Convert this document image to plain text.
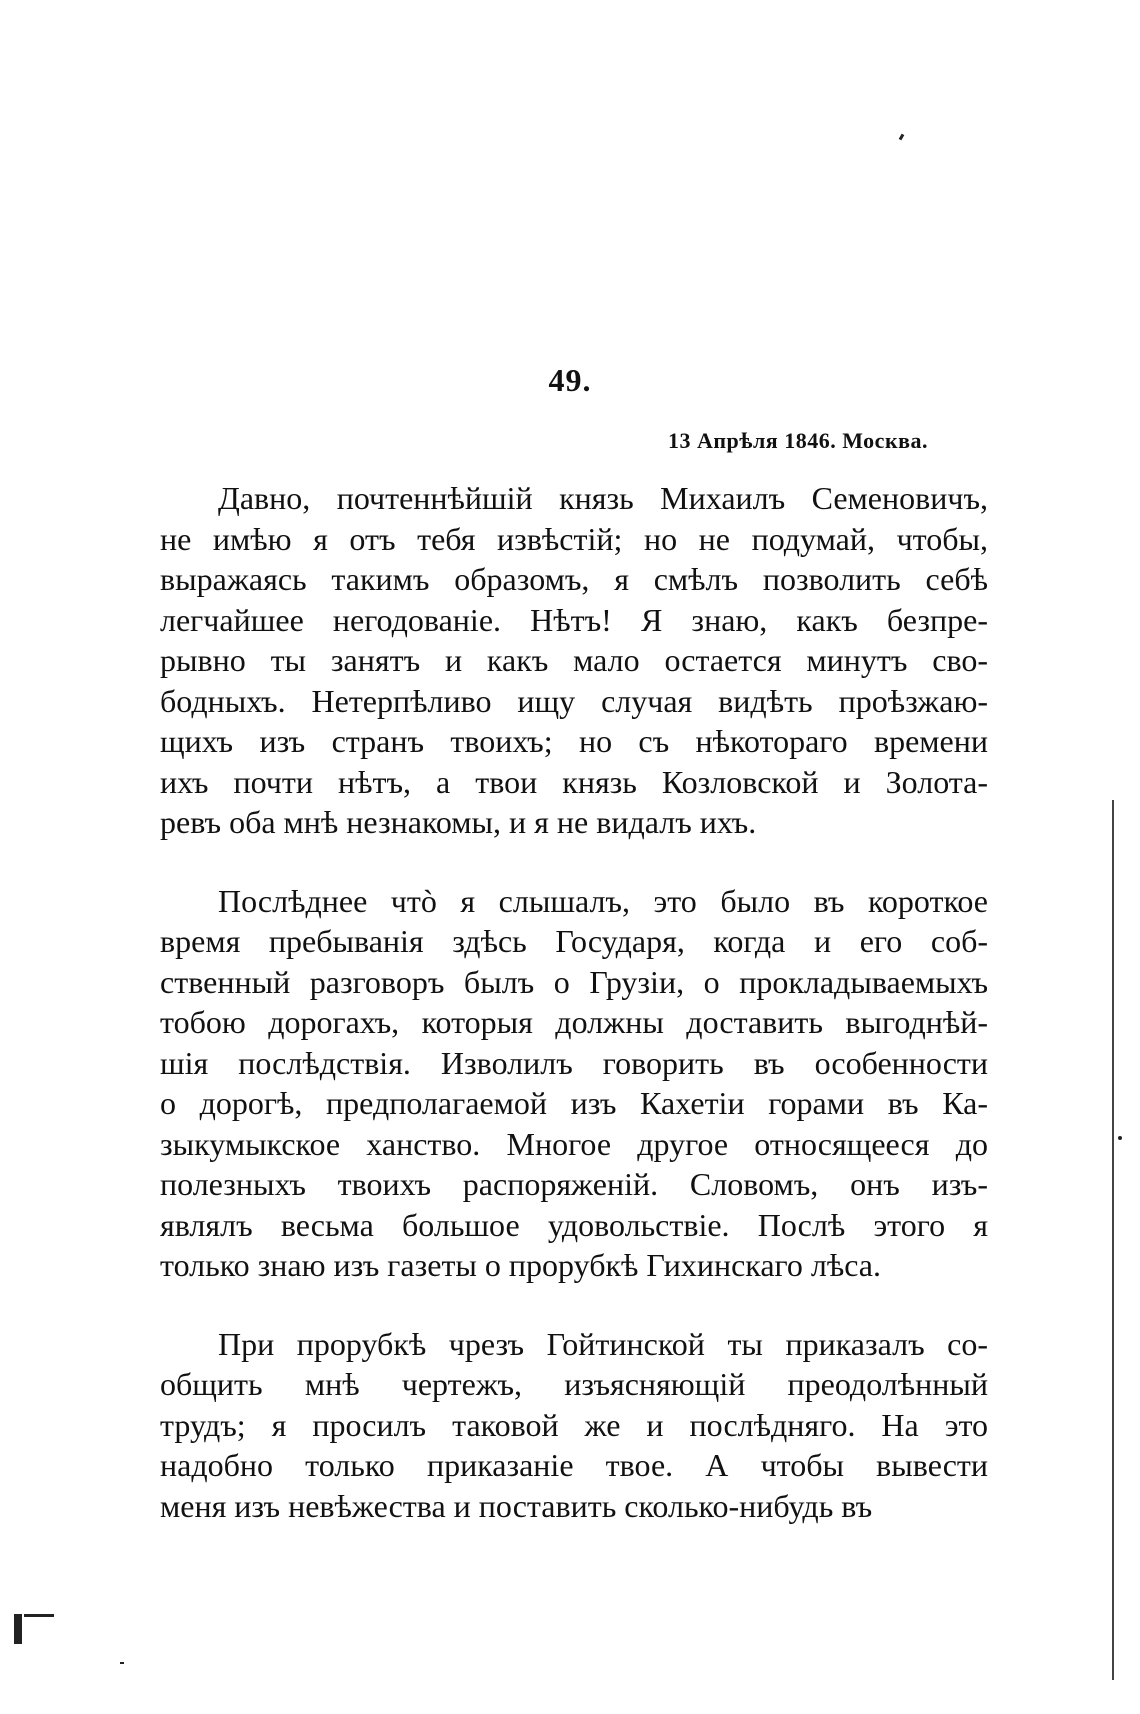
49.
13 Апрѣля 1846. Москва.
Давно, почтеннѣйшій князь Михаилъ Семеновичъ,
не имѣю я отъ тебя извѣстій; но не подумай, чтобы,
выражаясь такимъ образомъ, я смѣлъ позволить себѣ
легчайшее негодованіе. Нѣтъ! Я знаю, какъ безпре-
рывно ты занятъ и какъ мало остается минутъ сво-
бодныхъ. Нетерпѣливо ищу случая видѣть проѣзжаю-
щихъ изъ странъ твоихъ; но съ нѣкотораго времени
ихъ почти нѣтъ, а твои князь Козловской и Золота-
ревъ оба мнѣ незнакомы, и я не видалъ ихъ.
Послѣднее чтò я слышалъ, это было въ короткое
время пребыванія здѣсь Государя, когда и его соб-
ственный разговоръ былъ о Грузіи, о прокладываемыхъ
тобою дорогахъ, которыя должны доставить выгоднѣй-
шія послѣдствія. Изволилъ говорить въ особенности
о дорогѣ, предполагаемой изъ Кахетіи горами въ Ка-
зыкумыкское ханство. Многое другое относящееся до
полезныхъ твоихъ распоряженій. Словомъ, онъ изъ-
являлъ весьма большое удовольствіе. Послѣ этого я
только знаю изъ газеты о прорубкѣ Гихинскаго лѣса.
При прорубкѣ чрезъ Гойтинской ты приказалъ со-
общить мнѣ чертежъ, изъясняющій преодолѣнный
трудъ; я просилъ таковой же и послѣдняго. На это
надобно только приказаніе твое. А чтобы вывести
меня изъ невѣжества и поставить сколько-нибудь въ
